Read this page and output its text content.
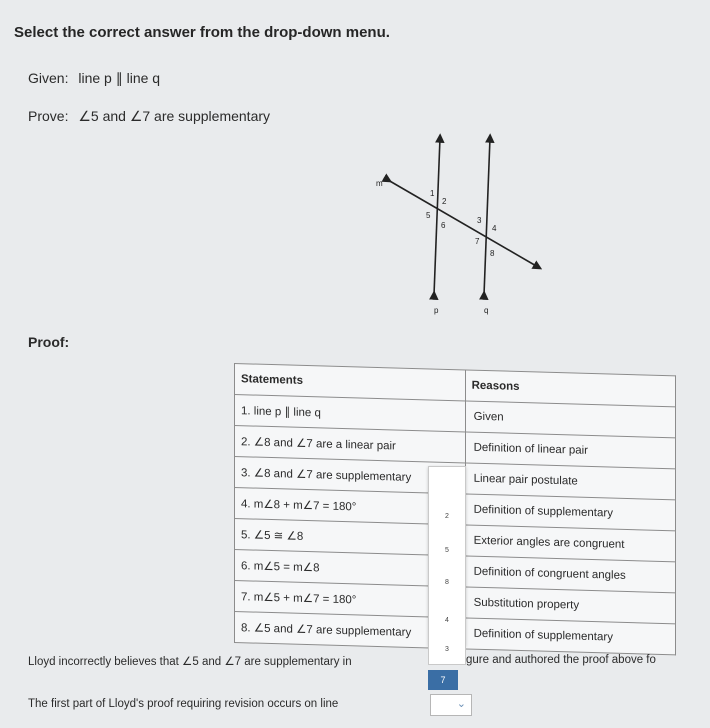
Select the correct answer from the drop-down menu.
Given: line p ∥ line q
Prove: ∠5 and ∠7 are supplementary
m
p	q
1
2
5
6
3
4
7
8
Proof:
Statements	Reasons
1. line p ∥ line q	Given
2. ∠8 and ∠7 are a linear pair	Definition of linear pair
3. ∠8 and ∠7 are supplementary	Linear pair postulate
4. m∠8 + m∠7 = 180°	Definition of supplementary
5. ∠5 ≅ ∠8	Exterior angles are congruent
6. m∠5 = m∠8	Definition of congruent angles
7. m∠5 + m∠7 = 180°	Substitution property
8. ∠5 and ∠7 are supplementary	Definition of supplementary
2
5
8
4
3
7
Lloyd incorrectly believes that ∠5 and ∠7 are supplementary in	gure and authored the proof above fo
The first part of Lloyd's proof requiring revision occurs on line	⌄
